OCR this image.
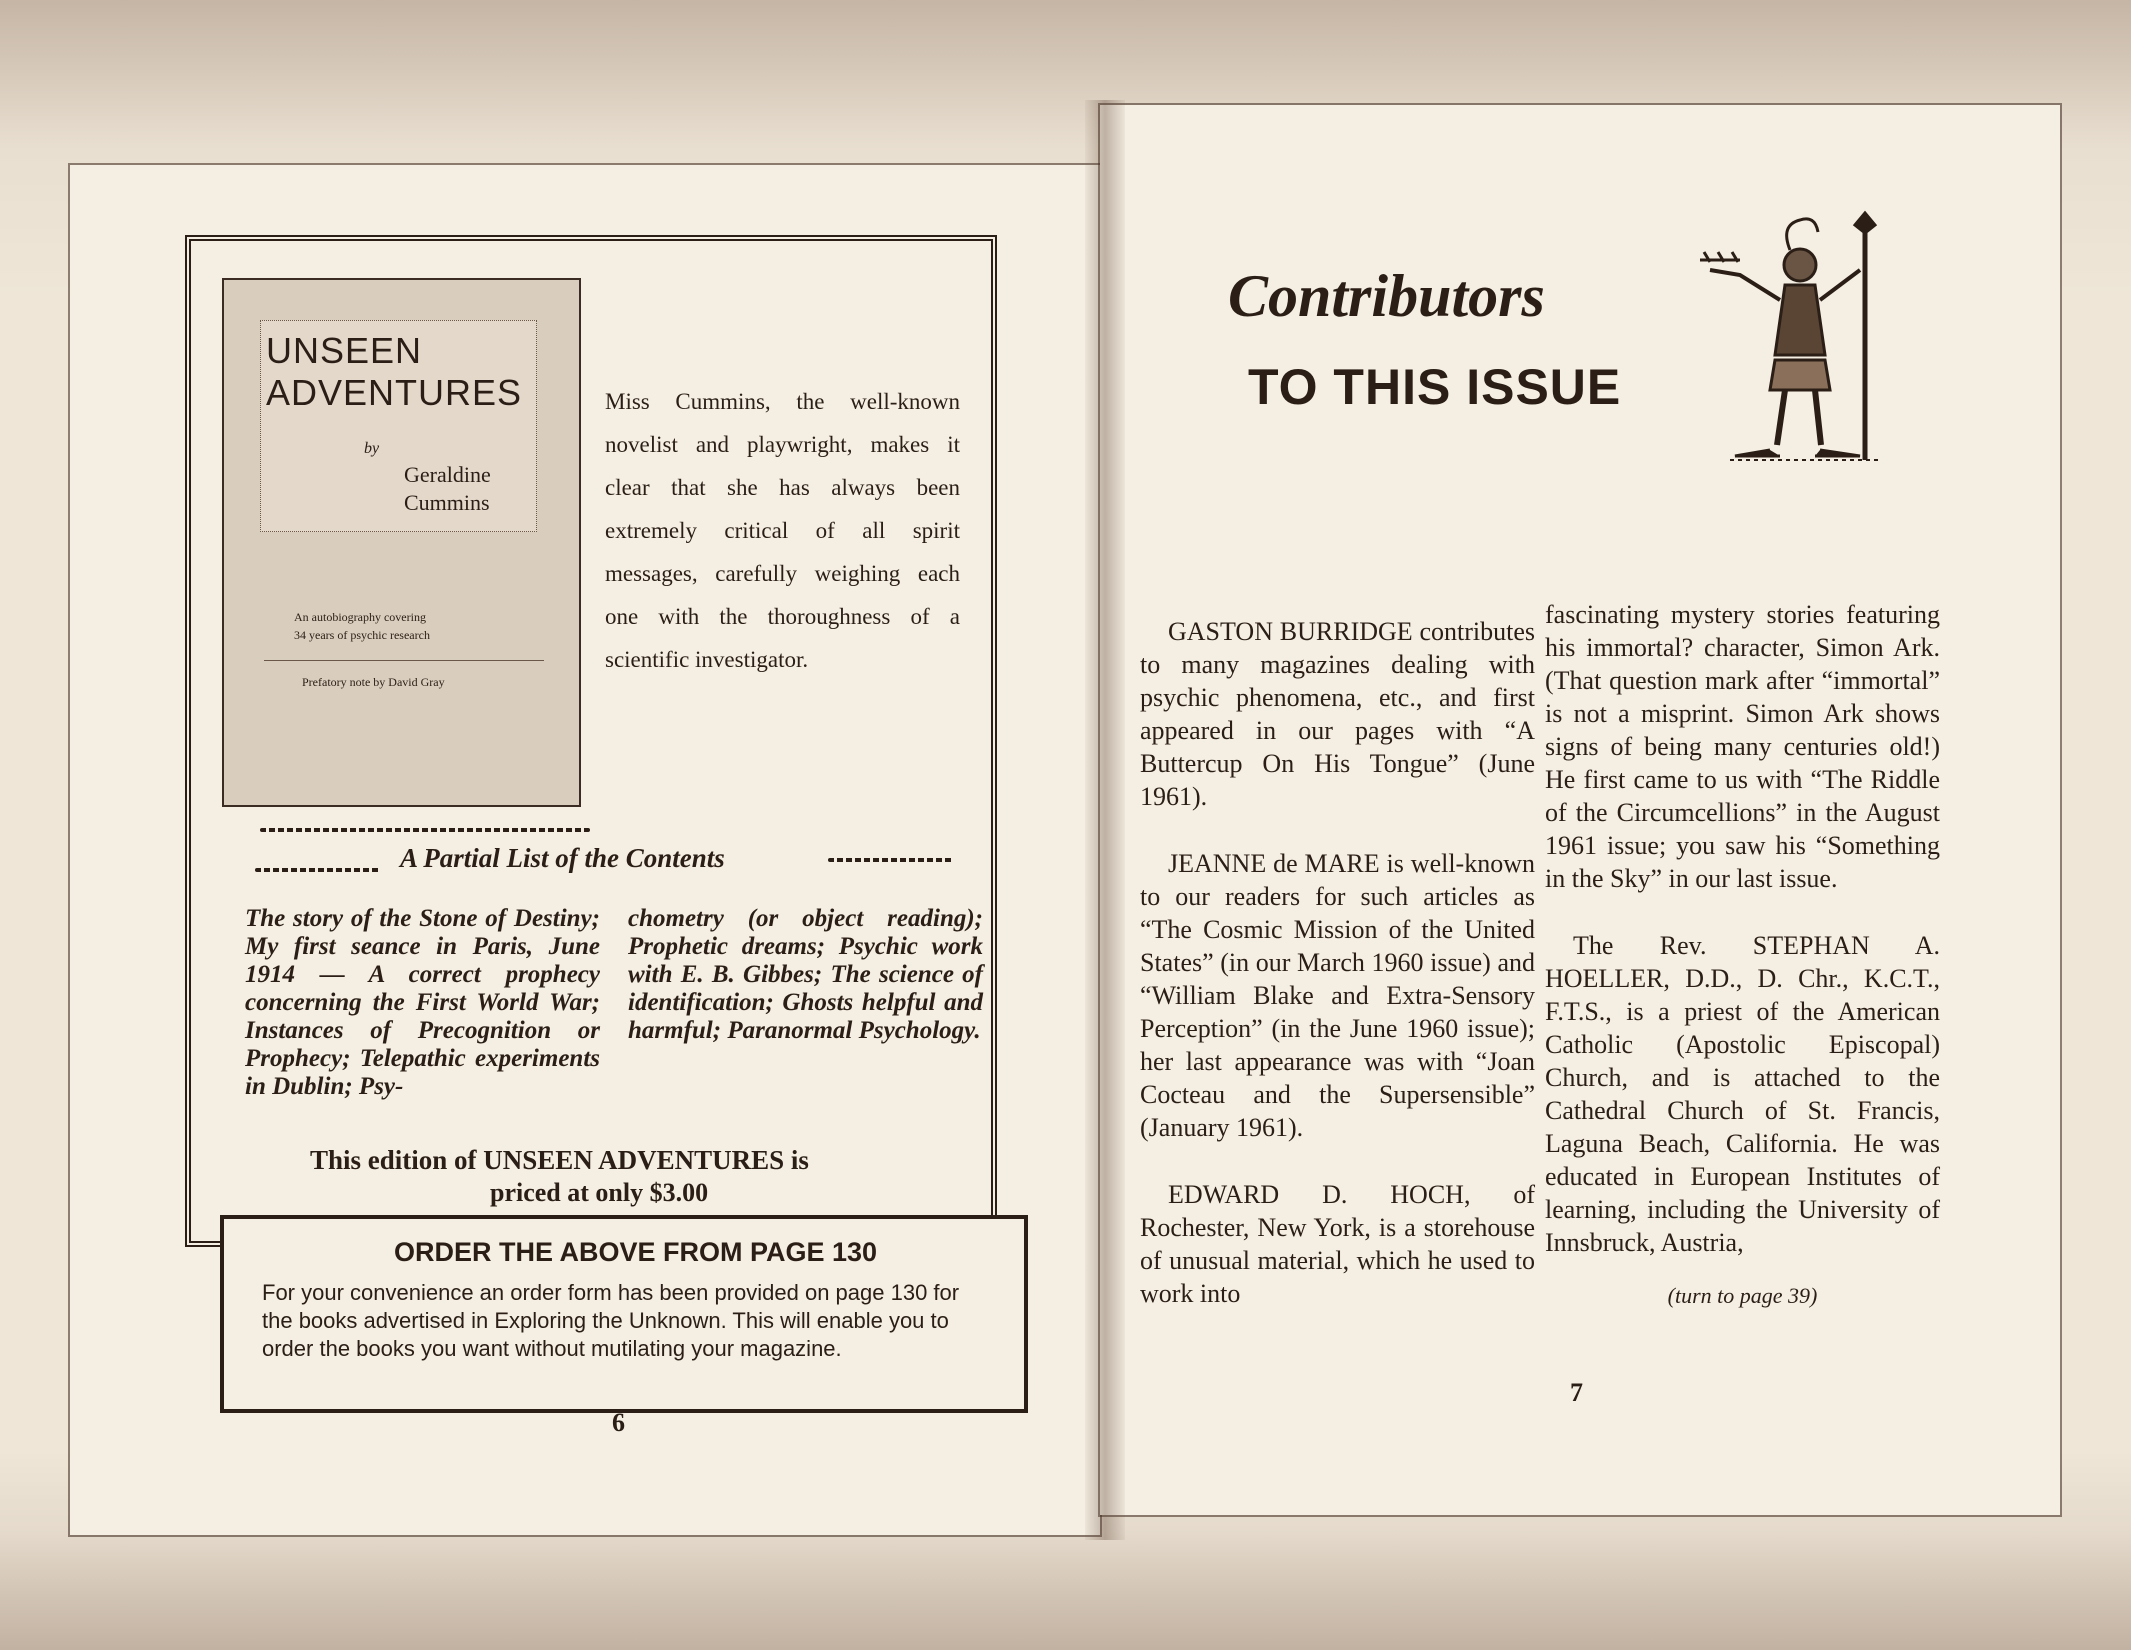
UNSEEN
ADVENTURES
by
Geraldine
Cummins
An autobiography covering
34 years of psychic research
Prefatory note by David Gray
Miss Cummins, the well-known novelist and playwright, makes it clear that she has always been extremely critical of all spirit messages, carefully weighing each one with the thoroughness of a scientific investigator.
A Partial List of the Contents
The story of the Stone of Destiny; My first seance in Paris, June 1914 — A correct prophecy concerning the First World War; Instances of Precognition or Prophecy; Telepathic experiments in Dublin; Psy-
chometry (or object reading); Prophetic dreams; Psychic work with E. B. Gibbes; The science of identification; Ghosts helpful and harmful; Paranormal Psychology.
This edition of UNSEEN ADVENTURES is
priced at only $3.00
ORDER THE ABOVE FROM PAGE 130
For your convenience an order form has been provided on page 130 for the books advertised in Exploring the Unknown. This will enable you to order the books you want without mutilating your magazine.
6
Contributors
TO THIS ISSUE

GASTON BURRIDGE contributes to many magazines dealing with psychic phenomena, etc., and first appeared in our pages with “A Buttercup On His Tongue” (June 1961).

JEANNE de MARE is well-known to our readers for such articles as “The Cosmic Mission of the United States” (in our March 1960 issue) and “William Blake and Extra-Sensory Perception” (in the June 1960 issue); her last appearance was with “Joan Cocteau and the Supersensible” (January 1961).

EDWARD D. HOCH, of Rochester, New York, is a storehouse of unusual material, which he used to work into

fascinating mystery stories featuring his immortal? character, Simon Ark. (That question mark after “immortal” is not a misprint. Simon Ark shows signs of being many centuries old!) He first came to us with “The Riddle of the Circumcellions” in the August 1961 issue; you saw his “Something in the Sky” in our last issue.

The Rev. STEPHAN A. HOELLER, D.D., D. Chr., K.C.T., F.T.S., is a priest of the American Catholic (Apostolic Episcopal) Church, and is attached to the Cathedral Church of St. Francis, Laguna Beach, California. He was educated in European Institutes of learning, including the University of Innsbruck, Austria,

(turn to page 39)
7
